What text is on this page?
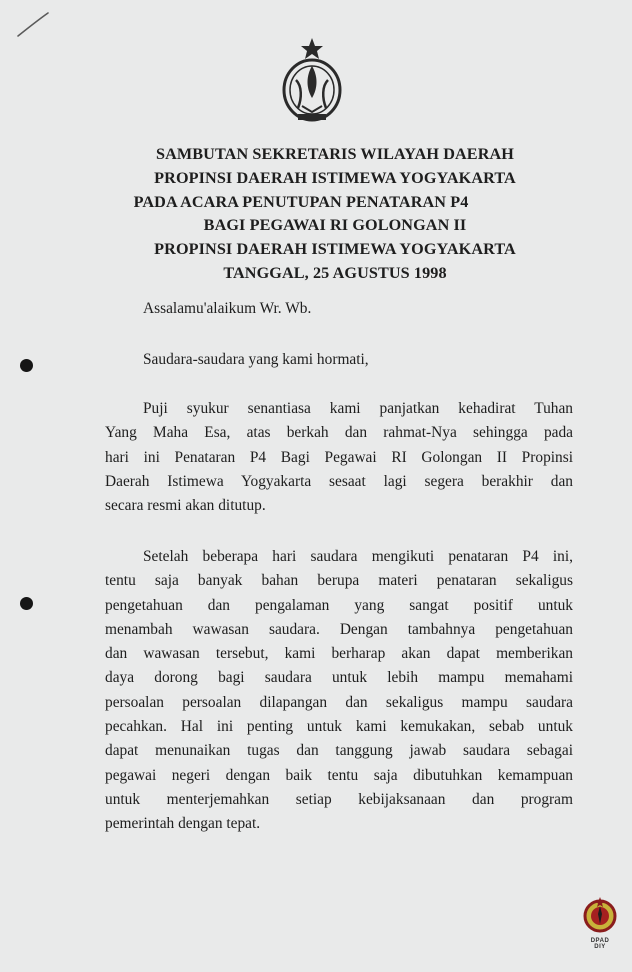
SAMBUTAN SEKRETARIS WILAYAH DAERAH
PROPINSI DAERAH ISTIMEWA YOGYAKARTA
PADA ACARA PENUTUPAN PENATARAN P4
BAGI PEGAWAI RI GOLONGAN II
PROPINSI DAERAH ISTIMEWA YOGYAKARTA
TANGGAL, 25 AGUSTUS 1998
Assalamu'alaikum Wr. Wb.
Saudara-saudara yang kami hormati,
Puji syukur senantiasa kami panjatkan kehadirat Tuhan
Yang Maha Esa, atas berkah dan rahmat-Nya sehingga pada
hari ini Penataran P4 Bagi Pegawai RI Golongan II Propinsi
Daerah Istimewa Yogyakarta sesaat lagi segera berakhir dan
secara resmi akan ditutup.
Setelah beberapa hari saudara mengikuti penataran P4 ini,
tentu saja banyak bahan berupa materi penataran sekaligus
pengetahuan dan pengalaman yang sangat positif untuk
menambah wawasan saudara. Dengan tambahnya pengetahuan
dan wawasan tersebut, kami berharap akan dapat memberikan
daya dorong bagi saudara untuk lebih mampu memahami
persoalan persoalan dilapangan dan sekaligus mampu saudara
pecahkan. Hal ini penting untuk kami kemukakan, sebab untuk
dapat menunaikan tugas dan tanggung jawab saudara sebagai
pegawai negeri dengan baik tentu saja dibutuhkan kemampuan
untuk menterjemahkan setiap kebijaksanaan dan program
pemerintah dengan tepat.
DPAD
DIY
